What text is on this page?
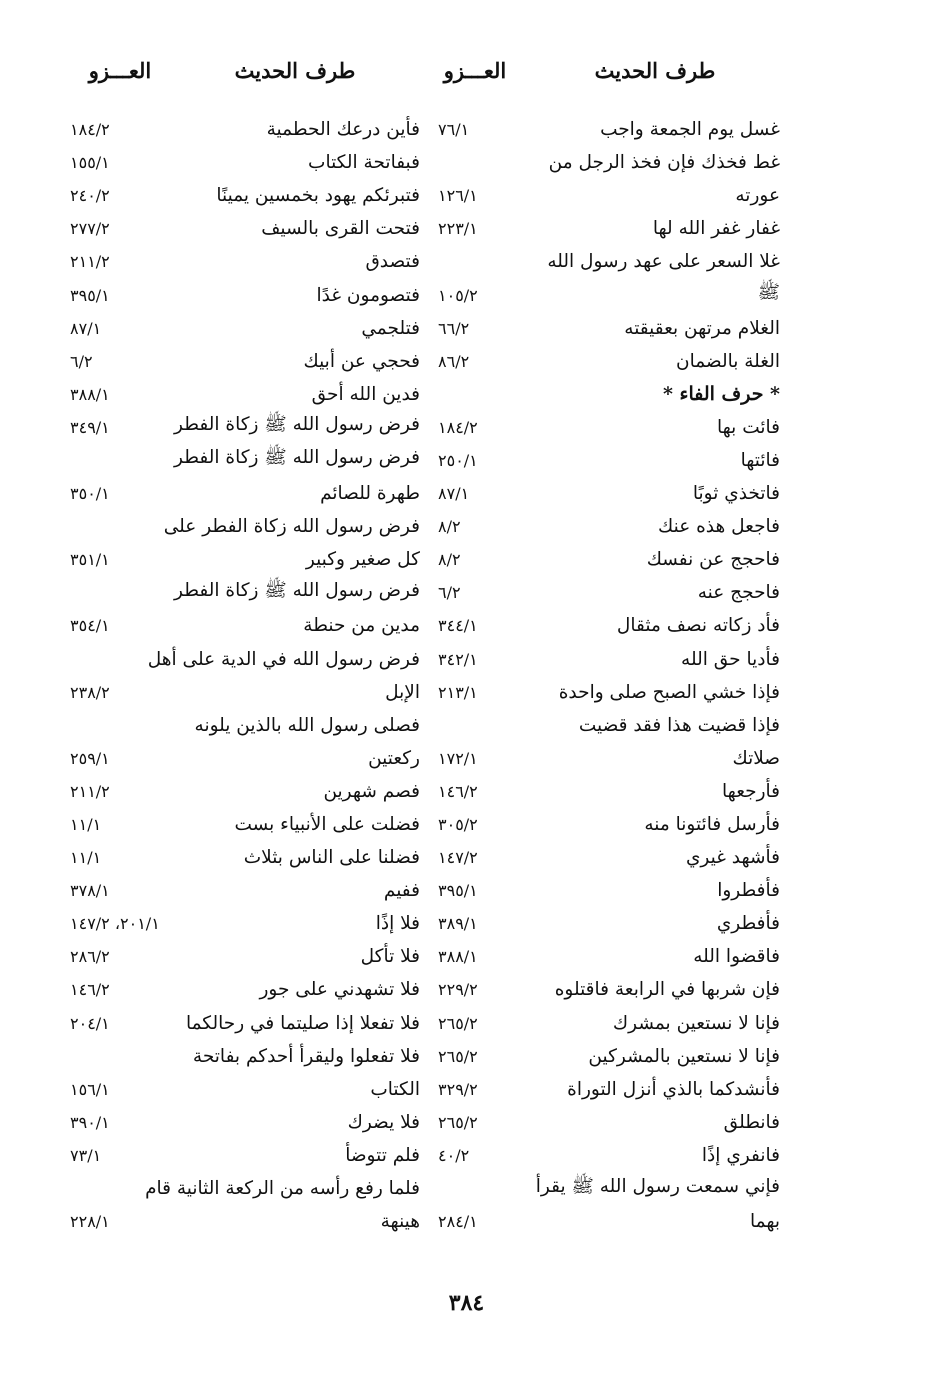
طرف الحديث
العـــزو
طرف الحديث
العـــزو
غسل يوم الجمعة واجب
٧٦/١
غط فخذك فإن فخذ الرجل من
عورته
١٢٦/١
غفار غفر الله لها
٢٢٣/١
غلا السعر على عهد رسول الله
ﷺ
١٠٥/٢
الغلام مرتهن بعقيقته
٦٦/٢
الغلة بالضمان
٨٦/٢
* حرف الفاء *
فائت بها
١٨٤/٢
فائتها
٢٥٠/١
فاتخذي ثوبًا
٨٧/١
فاجعل هذه عنك
٨/٢
فاحجج عن نفسك
٨/٢
فاحجج عنه
٦/٢
فأد زكاته نصف مثقال
٣٤٤/١
فأديا حق الله
٣٤٢/١
فإذا خشي الصبح صلى واحدة
٢١٣/١
فإذا قضيت هذا فقد قضيت
صلاتك
١٧٢/١
فأرجعها
١٤٦/٢
فأرسل فائتونا منه
٣٠٥/٢
فأشهد غيري
١٤٧/٢
فأفطروا
٣٩٥/١
فأفطري
٣٨٩/١
فاقضوا الله
٣٨٨/١
فإن شربها في الرابعة فاقتلوه
٢٢٩/٢
فإنا لا نستعين بمشرك
٢٦٥/٢
فإنا لا نستعين بالمشركين
٢٦٥/٢
فأنشدكما بالذي أنزل التوراة
٣٢٩/٢
فانطلق
٢٦٥/٢
فانفري إذًا
٤٠/٢
فإني سمعت رسول الله ﷺ يقرأ
بهما
٢٨٤/١
فأين درعك الحطمية
١٨٤/٢
فبفاتحة الكتاب
١٥٥/١
فتبرئكم يهود بخمسين يمينًا
٢٤٠/٢
فتحت القرى بالسيف
٢٧٧/٢
فتصدق
٢١١/٢
فتصومون غدًا
٣٩٥/١
فتلجمي
٨٧/١
فحجي عن أبيك
٦/٢
فدين الله أحق
٣٨٨/١
فرض رسول الله ﷺ زكاة الفطر
٣٤٩/١
فرض رسول الله ﷺ زكاة الفطر
طهرة للصائم
٣٥٠/١
فرض رسول الله زكاة الفطر على
كل صغير وكبير
٣٥١/١
فرض رسول الله ﷺ زكاة الفطر
مدين من حنطة
٣٥٤/١
فرض رسول الله في الدية على أهل
الإبل
٢٣٨/٢
فصلى رسول الله بالذين يلونه
ركعتين
٢٥٩/١
فصم شهرين
٢١١/٢
فضلت على الأنبياء بست
١١/١
فضلنا على الناس بثلاث
١١/١
ففيم
٣٧٨/١
فلا إذًا
٢٠١/١، ١٤٧/٢
فلا تأكل
٢٨٦/٢
فلا تشهدني على جور
١٤٦/٢
فلا تفعلا إذا صليتما في رحالكما
٢٠٤/١
فلا تفعلوا وليقرأ أحدكم بفاتحة
الكتاب
١٥٦/١
فلا يضرك
٣٩٠/١
فلم تتوضأ
٧٣/١
فلما رفع رأسه من الركعة الثانية قام
هينهة
٢٢٨/١
٣٨٤
